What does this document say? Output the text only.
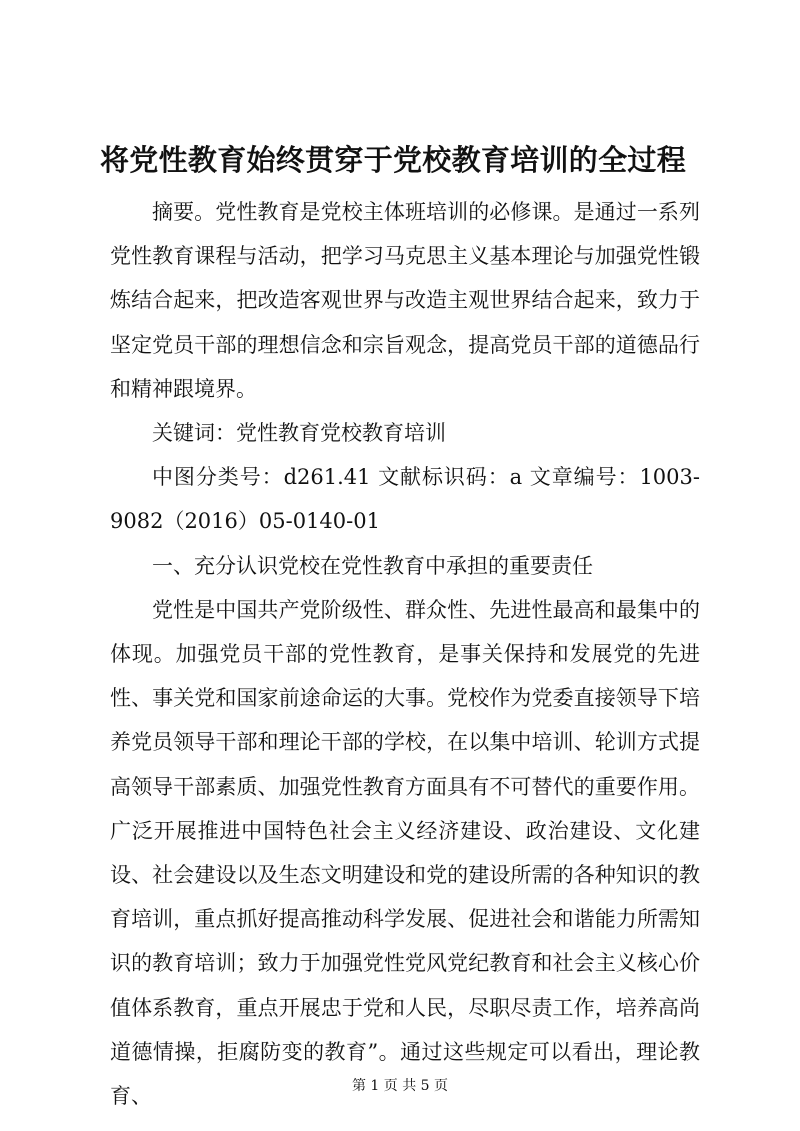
将党性教育始终贯穿于党校教育培训的全过程

摘要。党性教育是党校主体班培训的必修课。是通过一系列党性教育课程与活动，把学习马克思主义基本理论与加强党性锻炼结合起来，把改造客观世界与改造主观世界结合起来，致力于坚定党员干部的理想信念和宗旨观念，提高党员干部的道德品行和精神跟境界。

关键词：党性教育党校教育培训

中图分类号：d261.41 文献标识码：a 文章编号：1003-9082（2016）05-0140-01

一、充分认识党校在党性教育中承担的重要责任

党性是中国共产党阶级性、群众性、先进性最高和最集中的体现。加强党员干部的党性教育，是事关保持和发展党的先进性、事关党和国家前途命运的大事。党校作为党委直接领导下培养党员领导干部和理论干部的学校，在以集中培训、轮训方式提高领导干部素质、加强党性教育方面具有不可替代的重要作用。广泛开展推进中国特色社会主义经济建设、政治建设、文化建设、社会建设以及生态文明建设和党的建设所需的各种知识的教育培训，重点抓好提高推动科学发展、促进社会和谐能力所需知识的教育培训；致力于加强党性党风党纪教育和社会主义核心价值体系教育，重点开展忠于党和人民，尽职尽责工作，培养高尚道德情操，拒腐防变的教育”。通过这些规定可以看出，理论教育、	第 1 页 共 5 页
